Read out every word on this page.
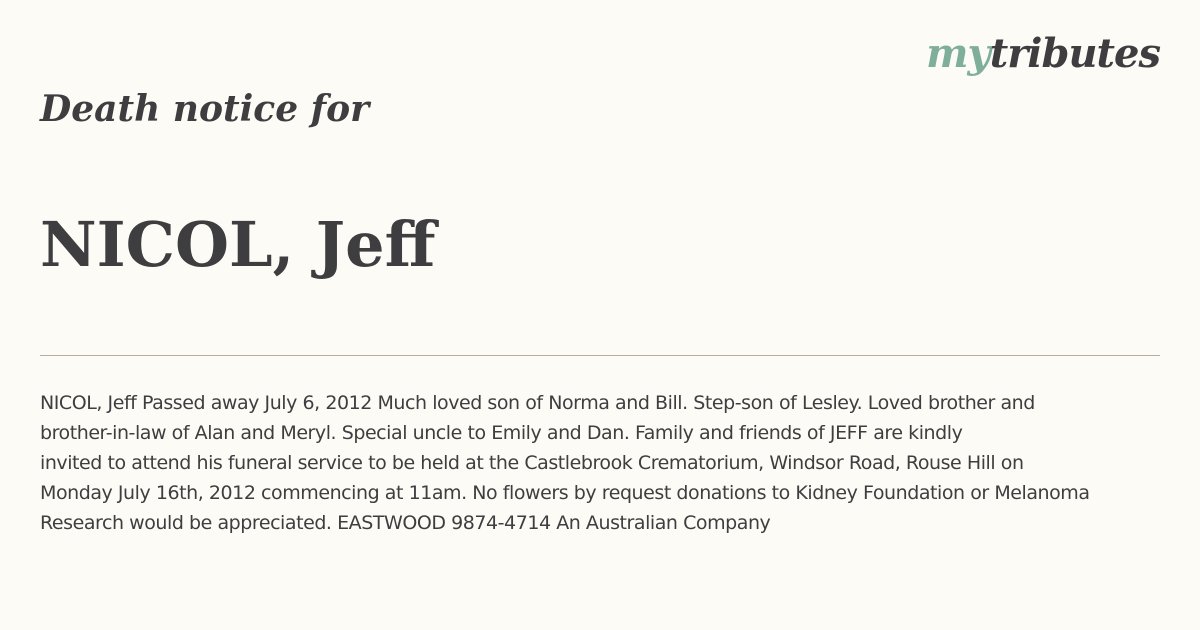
mytributes
Death notice for
NICOL, Jeff

NICOL, Jeff Passed away July 6, 2012 Much loved son of Norma and Bill. Step-son of Lesley. Loved brother and
brother-in-law of Alan and Meryl. Special uncle to Emily and Dan. Family and friends of JEFF are kindly
invited to attend his funeral service to be held at the Castlebrook Crematorium, Windsor Road, Rouse Hill on
Monday July 16th, 2012 commencing at 11am. No flowers by request donations to Kidney Foundation or Melanoma
Research would be appreciated. EASTWOOD 9874-4714 An Australian Company
